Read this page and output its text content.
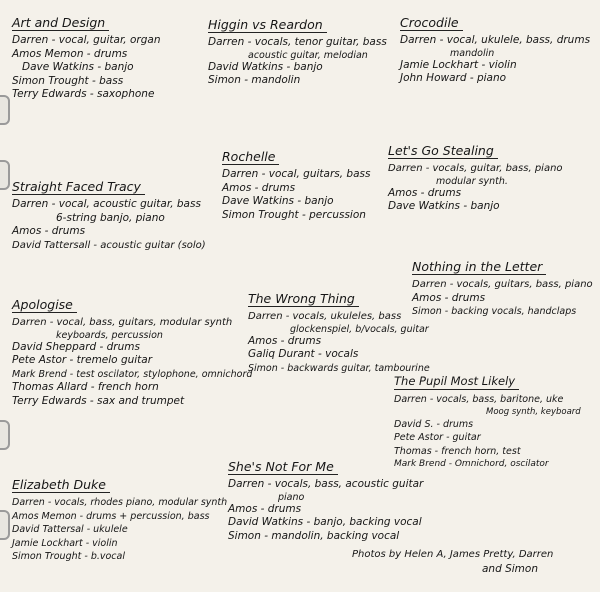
Art and Design
Darren - vocal, guitar, organ
Amos Memon - drums
Dave Watkins - banjo
Simon Trought - bass
Terry Edwards - saxophone
Higgin vs Reardon
Darren - vocals, tenor guitar, bass
acoustic guitar, melodian
David Watkins - banjo
Simon - mandolin
Crocodile
Darren - vocal, ukulele, bass, drums
mandolin
Jamie Lockhart - violin
John Howard - piano
Rochelle
Darren - vocal, guitars, bass
Amos - drums
Dave Watkins - banjo
Simon Trought - percussion
Let's Go Stealing
Darren - vocals, guitar, bass, piano
modular synth.
Amos - drums
Dave Watkins - banjo
Straight Faced Tracy
Darren - vocal, acoustic guitar, bass
6-string banjo, piano
Amos - drums
David Tattersall - acoustic guitar (solo)
Nothing in the Letter
Darren - vocals, guitars, bass, piano
Amos - drums
Simon - backing vocals, handclaps
Apologise
Darren - vocal, bass, guitars, modular synth
keyboards, percussion
David Sheppard - drums
Pete Astor - tremelo guitar
Mark Brend - test oscilator, stylophone, omnichord
Thomas Allard - french horn
Terry Edwards - sax and trumpet
The Wrong Thing
Darren - vocals, ukuleles, bass
glockenspiel, b/vocals, guitar
Amos - drums
Galiq Durant - vocals
Simon - backwards guitar, tambourine
The Pupil Most Likely
Darren - vocals, bass, baritone, uke
Moog synth, keyboard
David S. - drums
Pete Astor - guitar
Thomas - french horn, test
Mark Brend - Omnichord, oscilator
Elizabeth Duke
Darren - vocals, rhodes piano, modular synth
Amos Memon - drums + percussion, bass
David Tattersal - ukulele
Jamie Lockhart - violin
Simon Trought - b.vocal
She's Not For Me
Darren - vocals, bass, acoustic guitar
piano
Amos - drums
David Watkins - banjo, backing vocal
Simon - mandolin, backing vocal
Photos by Helen A, James Pretty, Darren
and Simon
